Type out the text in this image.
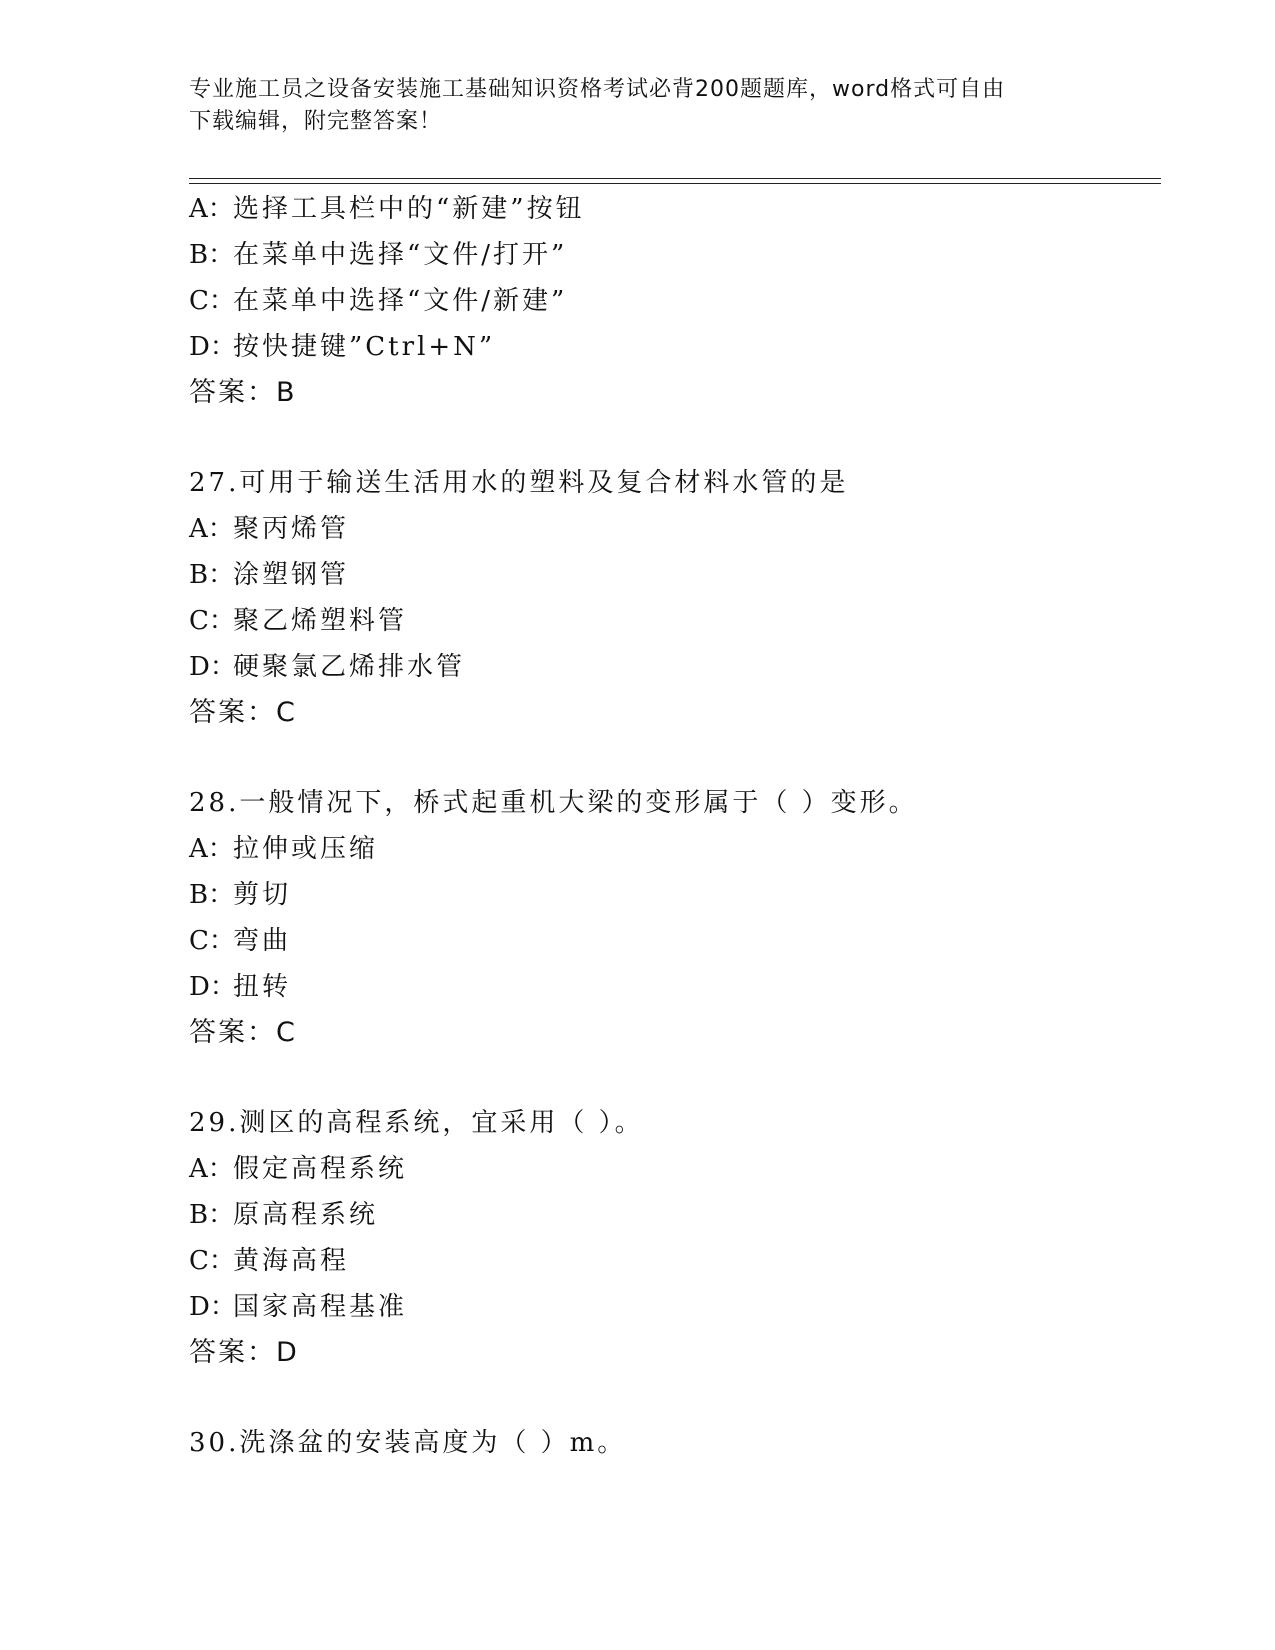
专业施工员之设备安装施工基础知识资格考试必背200题题库，word格式可自由
下载编辑，附完整答案！
A：选择工具栏中的“新建”按钮
B：在菜单中选择“文件/打开”
C：在菜单中选择“文件/新建”
D：按快捷键”Ctrl+N”
答案：B
27.可用于输送生活用水的塑料及复合材料水管的是
A：聚丙烯管
B：涂塑钢管
C：聚乙烯塑料管
D：硬聚氯乙烯排水管
答案：C
28.一般情况下，桥式起重机大梁的变形属于（ ）变形。
A：拉伸或压缩
B：剪切
C：弯曲
D：扭转
答案：C
29.测区的高程系统，宜采用（ ）。
A：假定高程系统
B：原高程系统
C：黄海高程
D：国家高程基准
答案：D
30.洗涤盆的安装高度为（ ）m。
